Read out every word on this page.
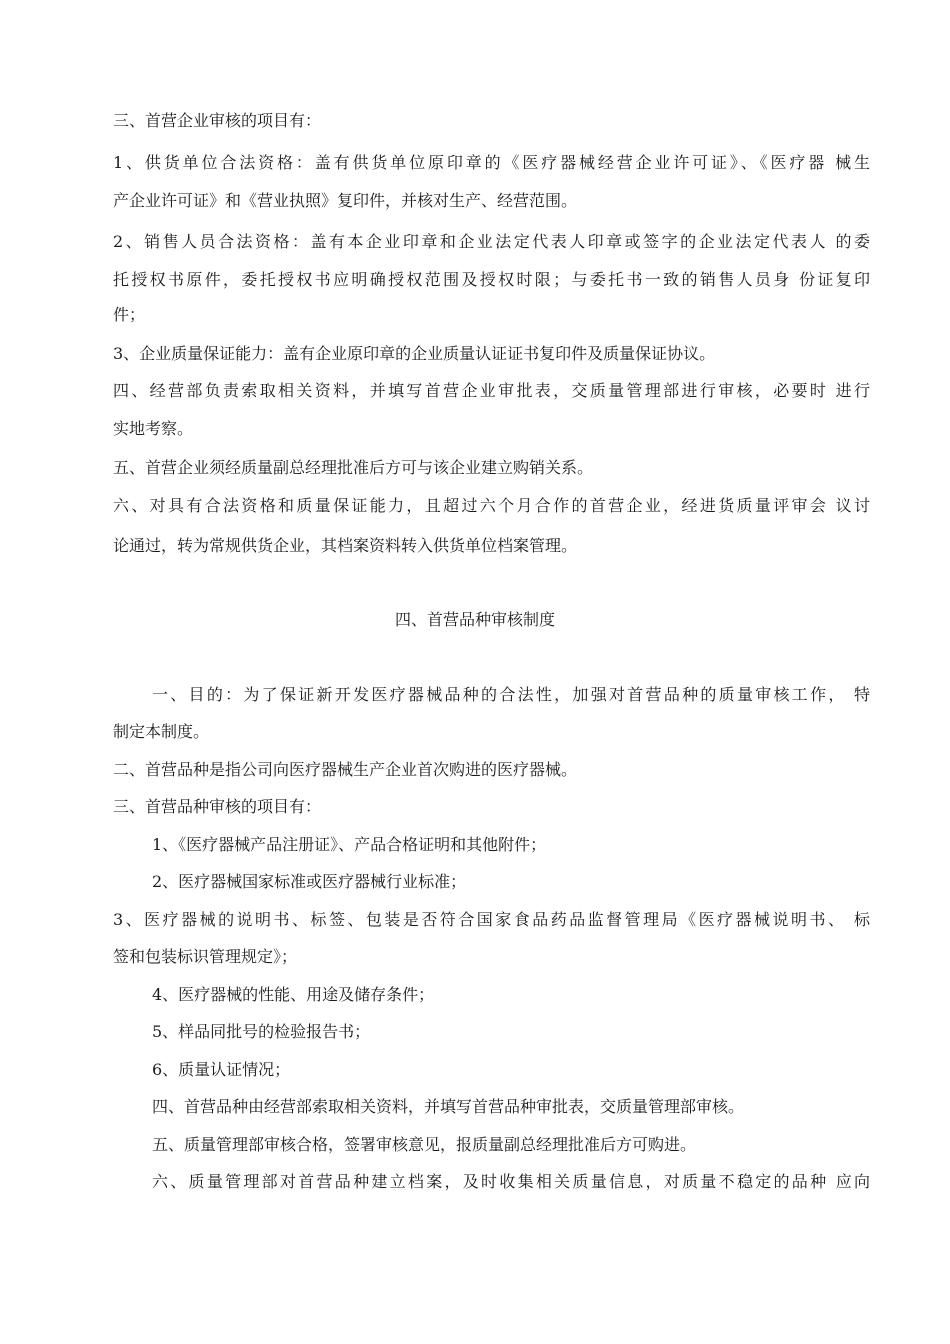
三、首营企业审核的项目有：
1、供货单位合法资格：盖有供货单位原印章的《医疗器械经营企业许可证》、《医疗器 械生
产企业许可证》和《营业执照》复印件，并核对生产、经营范围。
2、销售人员合法资格：盖有本企业印章和企业法定代表人印章或签字的企业法定代表人 的委
托授权书原件，委托授权书应明确授权范围及授权时限；与委托书一致的销售人员身 份证复印
件；
3、企业质量保证能力：盖有企业原印章的企业质量认证证书复印件及质量保证协议。
四、经营部负责索取相关资料，并填写首营企业审批表，交质量管理部进行审核，必要时 进行
实地考察。
五、首营企业须经质量副总经理批准后方可与该企业建立购销关系。
六、对具有合法资格和质量保证能力，且超过六个月合作的首营企业，经进货质量评审会 议讨
论通过，转为常规供货企业，其档案资料转入供货单位档案管理。
四、首营品种审核制度
一、目的：为了保证新开发医疗器械品种的合法性，加强对首营品种的质量审核工作， 特
制定本制度。
二、首营品种是指公司向医疗器械生产企业首次购进的医疗器械。
三、首营品种审核的项目有：
1、《医疗器械产品注册证》、产品合格证明和其他附件；
2、医疗器械国家标准或医疗器械行业标准；
3、医疗器械的说明书、标签、包装是否符合国家食品药品监督管理局《医疗器械说明书、 标
签和包装标识管理规定》；
4、医疗器械的性能、用途及储存条件；
5、样品同批号的检验报告书；
6、质量认证情况；
四、首营品种由经营部索取相关资料，并填写首营品种审批表，交质量管理部审核。
五、质量管理部审核合格，签署审核意见，报质量副总经理批准后方可购进。
六、质量管理部对首营品种建立档案，及时收集相关质量信息，对质量不稳定的品种 应向
